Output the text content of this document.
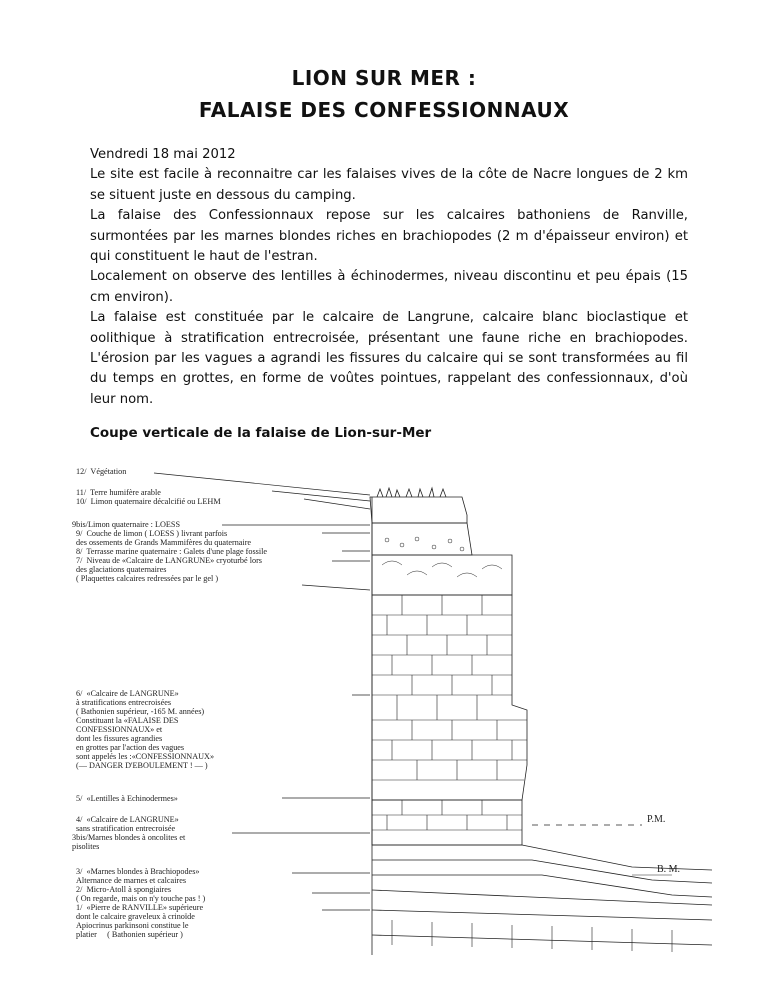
LION SUR MER :
FALAISE DES CONFESSIONNAUX

Vendredi 18 mai 2012

Le site est facile à reconnaitre car les falaises vives de la côte de Nacre longues de 2 km se situent juste en dessous du camping.

La falaise des Confessionnaux repose sur les calcaires bathoniens de Ranville, surmontées par les marnes blondes riches en brachiopodes (2 m d'épaisseur environ) et qui constituent le haut de l'estran.

Localement on observe des lentilles à échinodermes, niveau discontinu et peu épais (15 cm environ).

La falaise est constituée par le calcaire de Langrune, calcaire blanc bioclastique et oolithique à stratification entrecroisée, présentant une faune riche en brachiopodes. L'érosion par les vagues a agrandi les fissures du calcaire qui se sont transformées au fil du temps en grottes, en forme de voûtes pointues, rappelant des confessionnaux, d'où leur nom.

Coupe verticale de la falaise de Lion-sur-Mer
12/ Végétation
11/ Terre humifère arable
10/ Limon quaternaire décalcifié ou LEHM
9bis/Limon quaternaire : LOESS
9/ Couche de limon ( LOESS ) livrant parfois
des ossements de Grands Mammifères du quaternaire
8/ Terrasse marine quaternaire : Galets d'une plage fossile
7/ Niveau de «Calcaire de LANGRUNE» cryoturbé lors
des glaciations quaternaires
( Plaquettes calcaires redressées par le gel )
6/ «Calcaire de LANGRUNE»
à stratifications entrecroisées
( Bathonien supérieur, -165 M. années)
Constituant la «FALAISE DES
CONFESSIONNAUX» et
dont les fissures agrandies
en grottes par l'action des vagues
sont appelés les :«CONFESSIONNAUX»
(— DANGER D'EBOULEMENT ! — )
5/ «Lentilles à Echinodermes»
4/ «Calcaire de LANGRUNE»
sans stratification entrecroisée
3bis/Marnes blondes à oncolites et
pisolites
3/ «Marnes blondes à Brachiopodes»
Alternance de marnes et calcaires
2/ Micro-Atoll à spongiaires
( On regarde, mais on n'y touche pas ! )
1/ «Pierre de RANVILLE» supérieure
dont le calcaire graveleux à crinoïde
Apiocrinus parkinsoni constitue le
platier     ( Bathonien supérieur )
P.M.
B. M.
